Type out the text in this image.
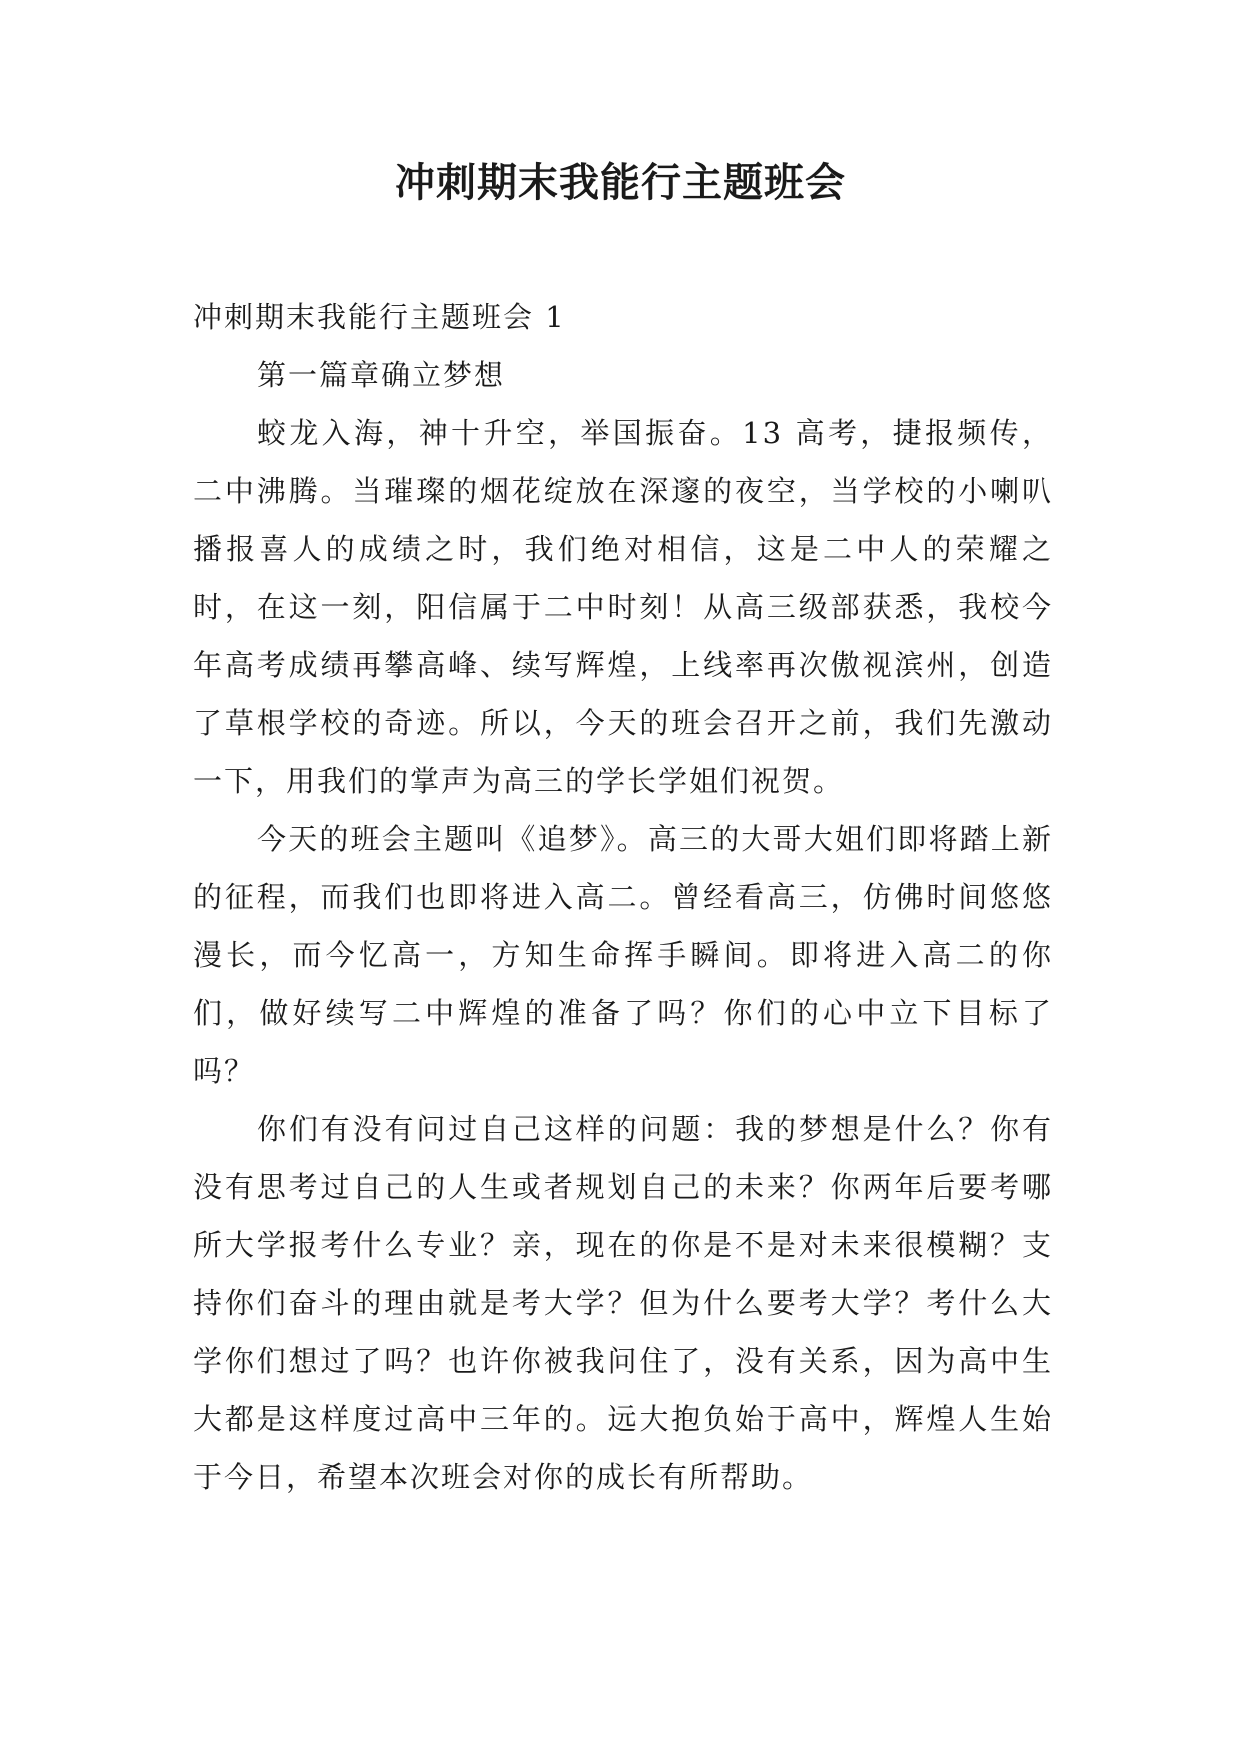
冲刺期末我能行主题班会

冲刺期末我能行主题班会 1

第一篇章确立梦想

蛟龙入海，神十升空，举国振奋。13 高考，捷报频传，二中沸腾。当璀璨的烟花绽放在深邃的夜空，当学校的小喇叭播报喜人的成绩之时，我们绝对相信，这是二中人的荣耀之时，在这一刻，阳信属于二中时刻！从高三级部获悉，我校今年高考成绩再攀高峰、续写辉煌，上线率再次傲视滨州，创造了草根学校的奇迹。所以，今天的班会召开之前，我们先激动一下，用我们的掌声为高三的学长学姐们祝贺。

今天的班会主题叫《追梦》。高三的大哥大姐们即将踏上新的征程，而我们也即将进入高二。曾经看高三，仿佛时间悠悠漫长，而今忆高一，方知生命挥手瞬间。即将进入高二的你们，做好续写二中辉煌的准备了吗？你们的心中立下目标了吗？

你们有没有问过自己这样的问题：我的梦想是什么？你有没有思考过自己的人生或者规划自己的未来？你两年后要考哪所大学报考什么专业？亲，现在的你是不是对未来很模糊？支持你们奋斗的理由就是考大学？但为什么要考大学？考什么大学你们想过了吗？也许你被我问住了，没有关系，因为高中生大都是这样度过高中三年的。远大抱负始于高中，辉煌人生始于今日，希望本次班会对你的成长有所帮助。
